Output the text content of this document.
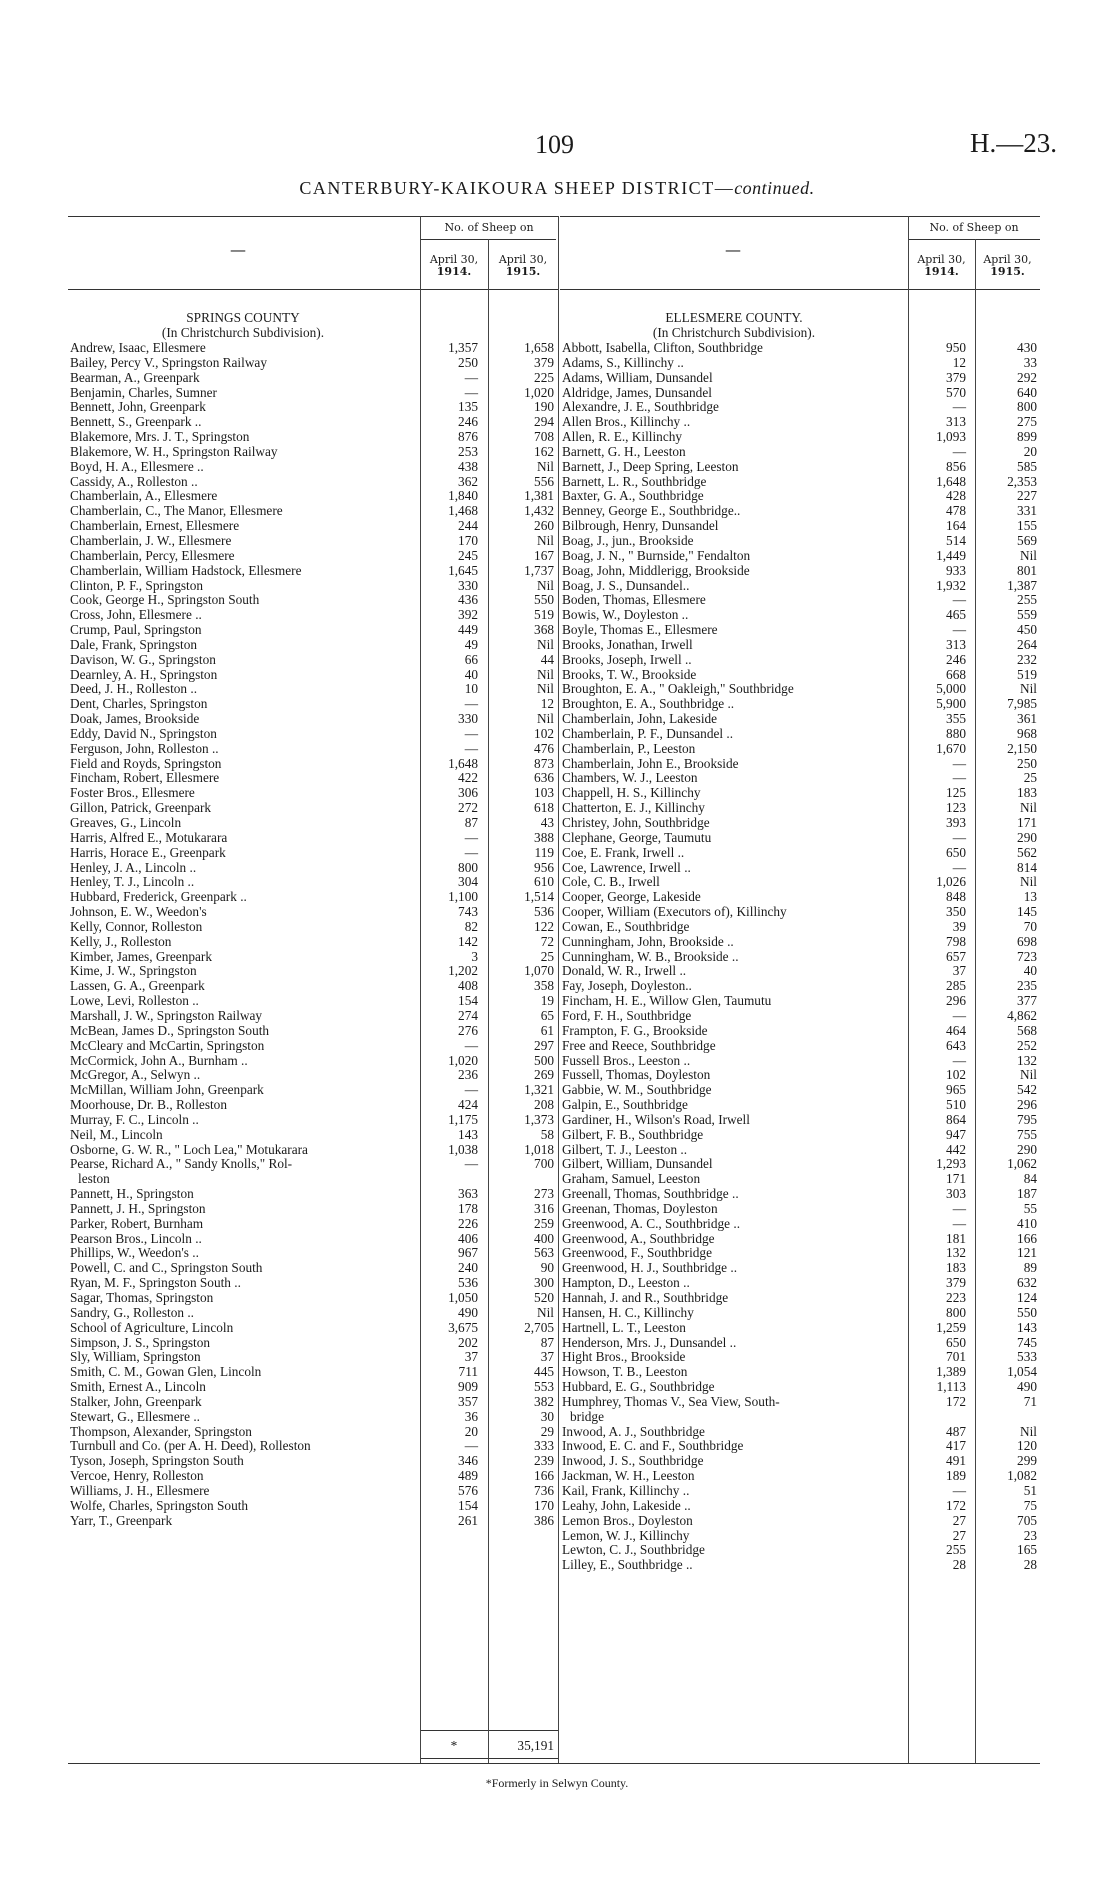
109	H.—23.
CANTERBURY-KAIKOURA SHEEP DISTRICT—continued.
—
No. of Sheep on
April 30,
1914.
April 30,
1915.
—
No. of Sheep on
April 30,
1914.
April 30,
1915.
SPRINGS COUNTY
(In Christchurch Subdivision).
ELLESMERE COUNTY.
(In Christchurch Subdivision).
Andrew, Isaac, Ellesmere	1,357	1,658
Bailey, Percy V., Springston Railway	250	379
Bearman, A., Greenpark	—	225
Benjamin, Charles, Sumner	—	1,020
Bennett, John, Greenpark	135	190
Bennett, S., Greenpark ..	246	294
Blakemore, Mrs. J. T., Springston	876	708
Blakemore, W. H., Springston Railway	253	162
Boyd, H. A., Ellesmere ..	438	Nil
Cassidy, A., Rolleston ..	362	556
Chamberlain, A., Ellesmere	1,840	1,381
Chamberlain, C., The Manor, Ellesmere	1,468	1,432
Chamberlain, Ernest, Ellesmere	244	260
Chamberlain, J. W., Ellesmere	170	Nil
Chamberlain, Percy, Ellesmere	245	167
Chamberlain, William Hadstock, Ellesmere	1,645	1,737
Clinton, P. F., Springston	330	Nil
Cook, George H., Springston South	436	550
Cross, John, Ellesmere ..	392	519
Crump, Paul, Springston	449	368
Dale, Frank, Springston	49	Nil
Davison, W. G., Springston	66	44
Dearnley, A. H., Springston	40	Nil
Deed, J. H., Rolleston ..	10	Nil
Dent, Charles, Springston	—	12
Doak, James, Brookside	330	Nil
Eddy, David N., Springston	—	102
Ferguson, John, Rolleston ..	—	476
Field and Royds, Springston	1,648	873
Fincham, Robert, Ellesmere	422	636
Foster Bros., Ellesmere	306	103
Gillon, Patrick, Greenpark	272	618
Greaves, G., Lincoln	87	43
Harris, Alfred E., Motukarara	—	388
Harris, Horace E., Greenpark	—	119
Henley, J. A., Lincoln ..	800	956
Henley, T. J., Lincoln ..	304	610
Hubbard, Frederick, Greenpark ..	1,100	1,514
Johnson, E. W., Weedon's	743	536
Kelly, Connor, Rolleston	82	122
Kelly, J., Rolleston	142	72
Kimber, James, Greenpark	3	25
Kime, J. W., Springston	1,202	1,070
Lassen, G. A., Greenpark	408	358
Lowe, Levi, Rolleston ..	154	19
Marshall, J. W., Springston Railway	274	65
McBean, James D., Springston South	276	61
McCleary and McCartin, Springston	—	297
McCormick, John A., Burnham ..	1,020	500
McGregor, A., Selwyn ..	236	269
McMillan, William John, Greenpark	—	1,321
Moorhouse, Dr. B., Rolleston	424	208
Murray, F. C., Lincoln ..	1,175	1,373
Neil, M., Lincoln	143	58
Osborne, G. W. R., " Loch Lea," Motukarara	1,038	1,018
Pearse, Richard A., " Sandy Knolls," Rol-	—	700
leston
Pannett, H., Springston	363	273
Pannett, J. H., Springston	178	316
Parker, Robert, Burnham	226	259
Pearson Bros., Lincoln ..	406	400
Phillips, W., Weedon's ..	967	563
Powell, C. and C., Springston South	240	90
Ryan, M. F., Springston South ..	536	300
Sagar, Thomas, Springston	1,050	520
Sandry, G., Rolleston ..	490	Nil
School of Agriculture, Lincoln	3,675	2,705
Simpson, J. S., Springston	202	87
Sly, William, Springston	37	37
Smith, C. M., Gowan Glen, Lincoln	711	445
Smith, Ernest A., Lincoln	909	553
Stalker, John, Greenpark	357	382
Stewart, G., Ellesmere ..	36	30
Thompson, Alexander, Springston	20	29
Turnbull and Co. (per A. H. Deed), Rolleston	—	333
Tyson, Joseph, Springston South	346	239
Vercoe, Henry, Rolleston	489	166
Williams, J. H., Ellesmere	576	736
Wolfe, Charles, Springston South	154	170
Yarr, T., Greenpark	261	386
Abbott, Isabella, Clifton, Southbridge	950	430
Adams, S., Killinchy ..	12	33
Adams, William, Dunsandel	379	292
Aldridge, James, Dunsandel	570	640
Alexandre, J. E., Southbridge	—	800
Allen Bros., Killinchy ..	313	275
Allen, R. E., Killinchy	1,093	899
Barnett, G. H., Leeston	—	20
Barnett, J., Deep Spring, Leeston	856	585
Barnett, L. R., Southbridge	1,648	2,353
Baxter, G. A., Southbridge	428	227
Benney, George E., Southbridge..	478	331
Bilbrough, Henry, Dunsandel	164	155
Boag, J., jun., Brookside	514	569
Boag, J. N., " Burnside," Fendalton	1,449	Nil
Boag, John, Middlerigg, Brookside	933	801
Boag, J. S., Dunsandel..	1,932	1,387
Boden, Thomas, Ellesmere	—	255
Bowis, W., Doyleston ..	465	559
Boyle, Thomas E., Ellesmere	—	450
Brooks, Jonathan, Irwell	313	264
Brooks, Joseph, Irwell ..	246	232
Brooks, T. W., Brookside	668	519
Broughton, E. A., " Oakleigh," Southbridge	5,000	Nil
Broughton, E. A., Southbridge ..	5,900	7,985
Chamberlain, John, Lakeside	355	361
Chamberlain, P. F., Dunsandel ..	880	968
Chamberlain, P., Leeston	1,670	2,150
Chamberlain, John E., Brookside	—	250
Chambers, W. J., Leeston	—	25
Chappell, H. S., Killinchy	125	183
Chatterton, E. J., Killinchy	123	Nil
Christey, John, Southbridge	393	171
Clephane, George, Taumutu	—	290
Coe, E. Frank, Irwell ..	650	562
Coe, Lawrence, Irwell ..	—	814
Cole, C. B., Irwell	1,026	Nil
Cooper, George, Lakeside	848	13
Cooper, William (Executors of), Killinchy	350	145
Cowan, E., Southbridge	39	70
Cunningham, John, Brookside ..	798	698
Cunningham, W. B., Brookside ..	657	723
Donald, W. R., Irwell ..	37	40
Fay, Joseph, Doyleston..	285	235
Fincham, H. E., Willow Glen, Taumutu	296	377
Ford, F. H., Southbridge	—	4,862
Frampton, F. G., Brookside	464	568
Free and Reece, Southbridge	643	252
Fussell Bros., Leeston ..	—	132
Fussell, Thomas, Doyleston	102	Nil
Gabbie, W. M., Southbridge	965	542
Galpin, E., Southbridge	510	296
Gardiner, H., Wilson's Road, Irwell	864	795
Gilbert, F. B., Southbridge	947	755
Gilbert, T. J., Leeston ..	442	290
Gilbert, William, Dunsandel	1,293	1,062
Graham, Samuel, Leeston	171	84
Greenall, Thomas, Southbridge ..	303	187
Greenan, Thomas, Doyleston	—	55
Greenwood, A. C., Southbridge ..	—	410
Greenwood, A., Southbridge	181	166
Greenwood, F., Southbridge	132	121
Greenwood, H. J., Southbridge ..	183	89
Hampton, D., Leeston ..	379	632
Hannah, J. and R., Southbridge	223	124
Hansen, H. C., Killinchy	800	550
Hartnell, L. T., Leeston	1,259	143
Henderson, Mrs. J., Dunsandel ..	650	745
Hight Bros., Brookside	701	533
Howson, T. B., Leeston	1,389	1,054
Hubbard, E. G., Southbridge	1,113	490
Humphrey, Thomas V., Sea View, South-	172	71
bridge
Inwood, A. J., Southbridge	487	Nil
Inwood, E. C. and F., Southbridge	417	120
Inwood, J. S., Southbridge	491	299
Jackman, W. H., Leeston	189	1,082
Kail, Frank, Killinchy ..	—	51
Leahy, John, Lakeside ..	172	75
Lemon Bros., Doyleston	27	705
Lemon, W. J., Killinchy	27	23
Lewton, C. J., Southbridge	255	165
Lilley, E., Southbridge ..	28	28
*	35,191
*Formerly in Selwyn County.
